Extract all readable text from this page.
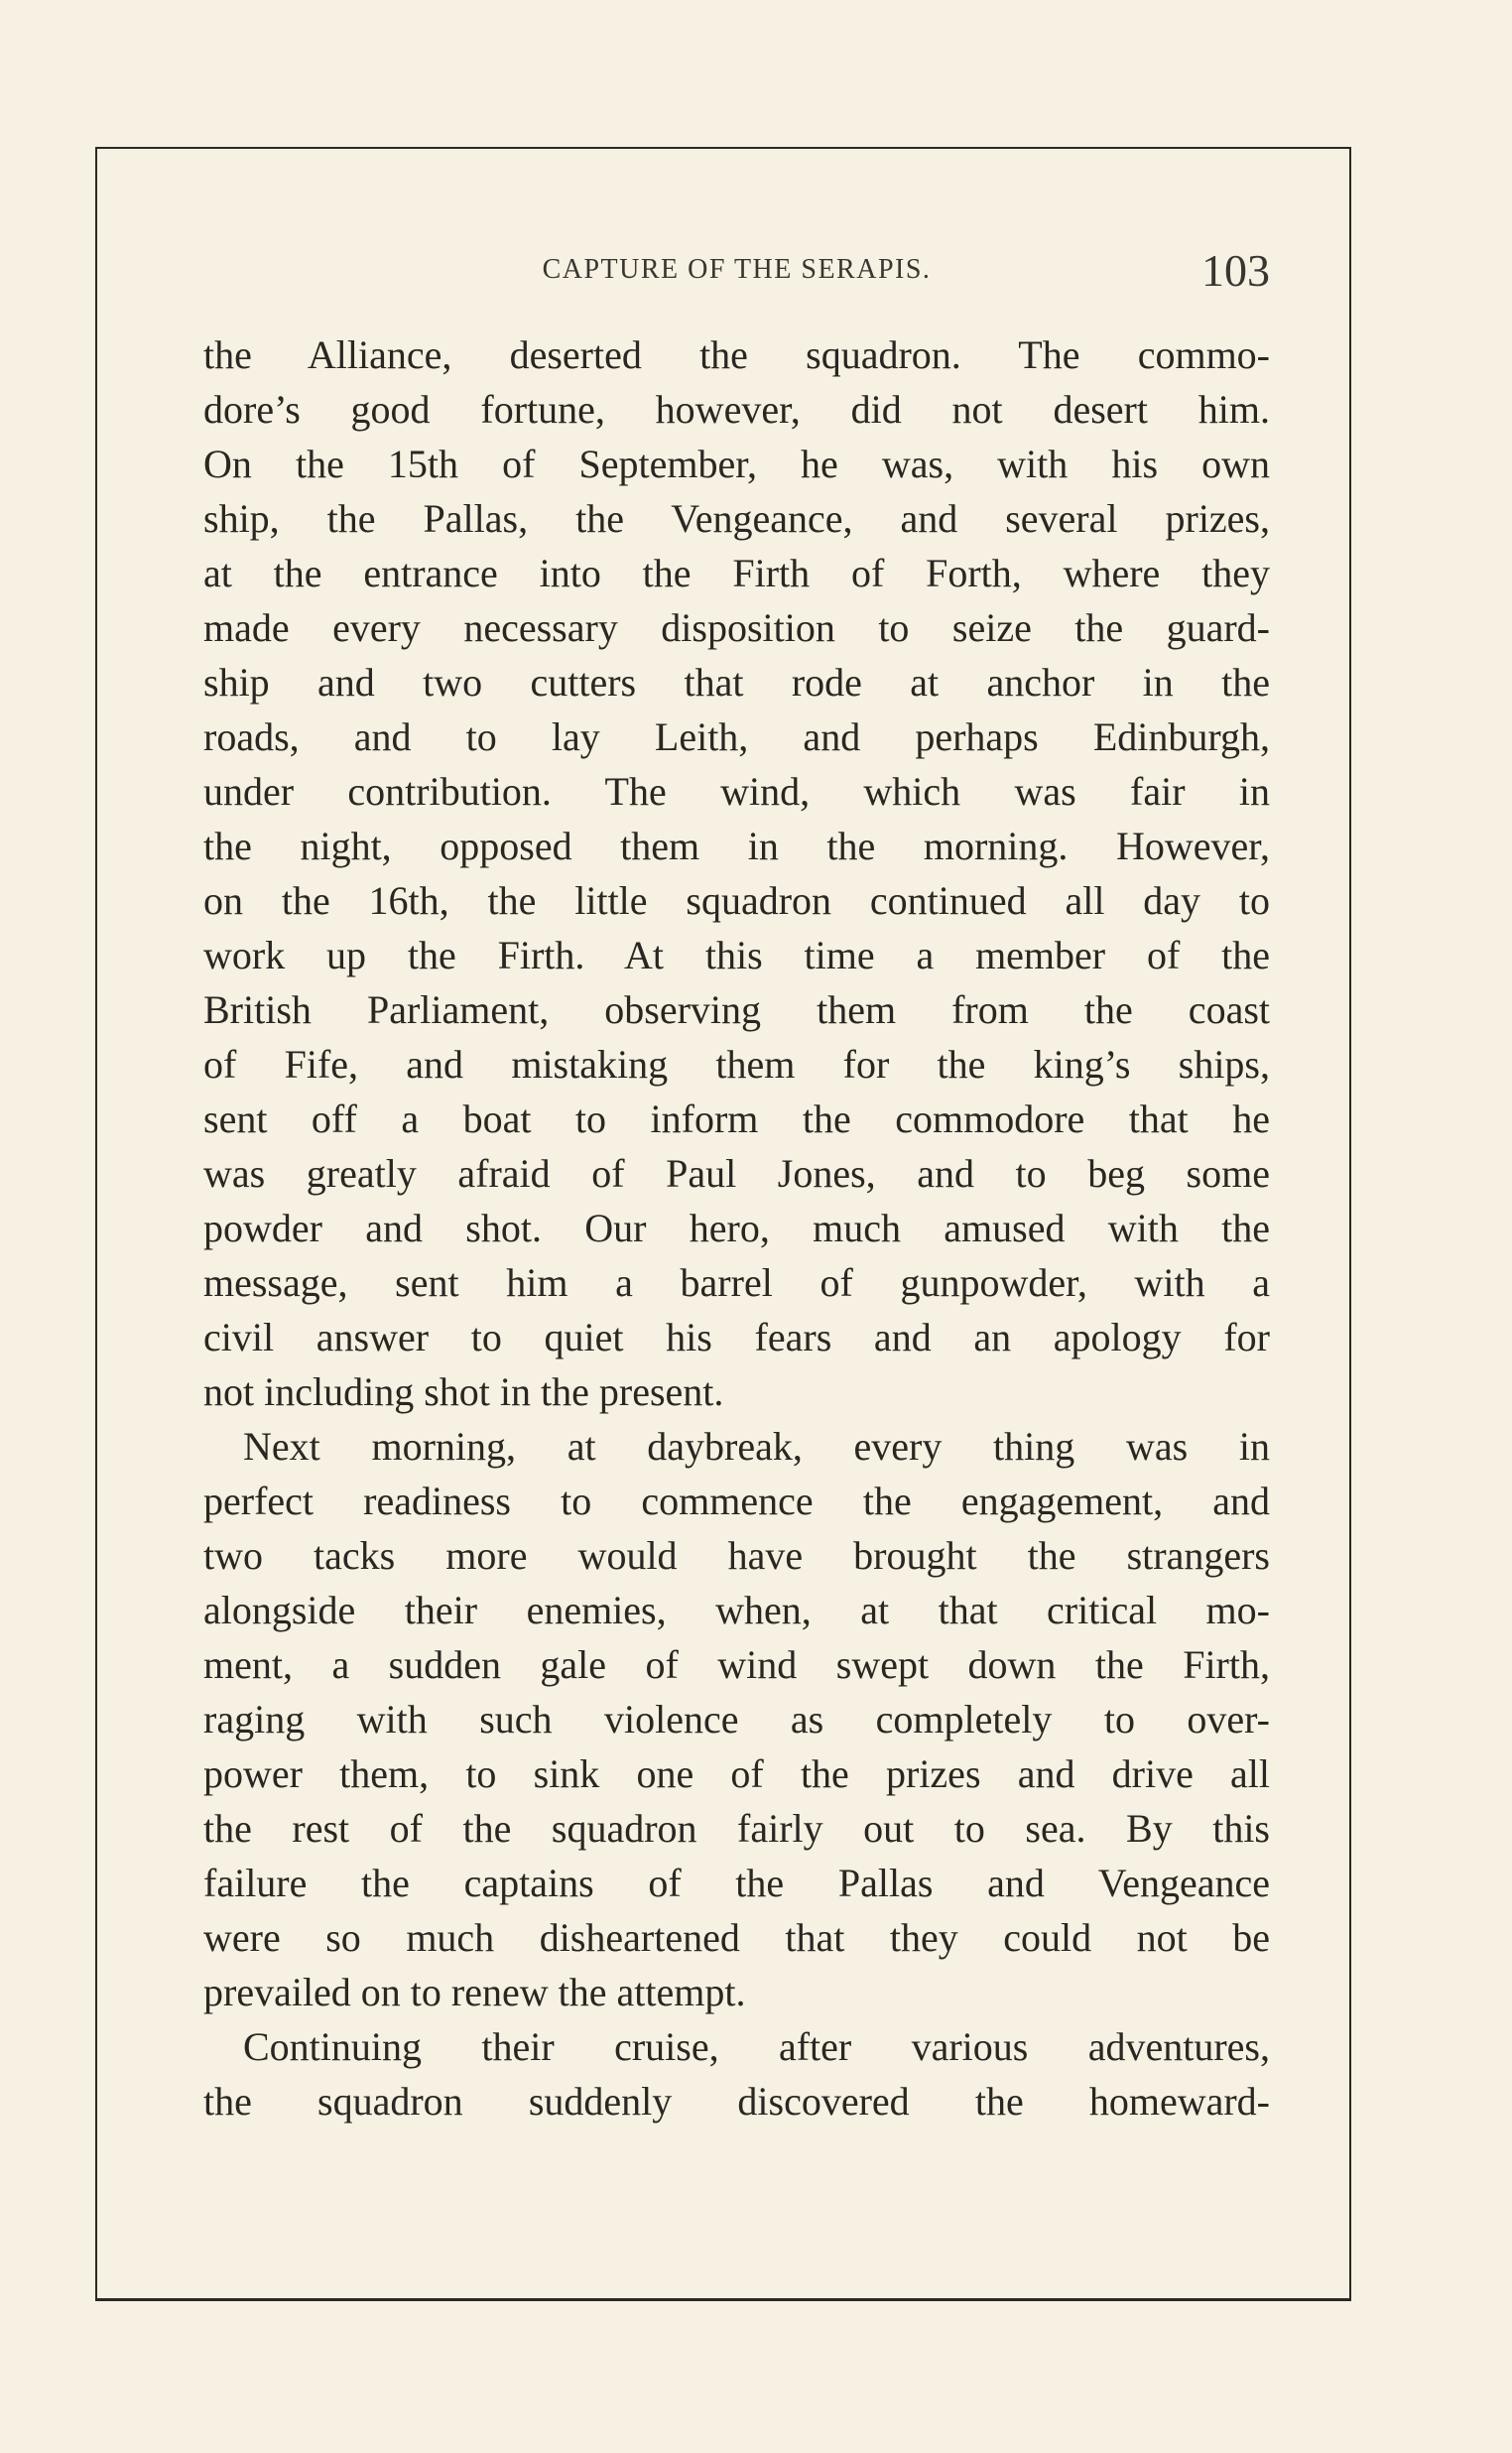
CAPTURE OF THE SERAPIS.	103
the Alliance, deserted the squadron. The commo-
dore’s good fortune, however, did not desert him.
On the 15th of September, he was, with his own
ship, the Pallas, the Vengeance, and several prizes,
at the entrance into the Firth of Forth, where they
made every necessary disposition to seize the guard-
ship and two cutters that rode at anchor in the
roads, and to lay Leith, and perhaps Edinburgh,
under contribution. The wind, which was fair in
the night, opposed them in the morning. However,
on the 16th, the little squadron continued all day to
work up the Firth. At this time a member of the
British Parliament, observing them from the coast
of Fife, and mistaking them for the king’s ships,
sent off a boat to inform the commodore that he
was greatly afraid of Paul Jones, and to beg some
powder and shot. Our hero, much amused with the
message, sent him a barrel of gunpowder, with a
civil answer to quiet his fears and an apology for
not including shot in the present.
Next morning, at daybreak, every thing was in
perfect readiness to commence the engagement, and
two tacks more would have brought the strangers
alongside their enemies, when, at that critical mo-
ment, a sudden gale of wind swept down the Firth,
raging with such violence as completely to over-
power them, to sink one of the prizes and drive all
the rest of the squadron fairly out to sea. By this
failure the captains of the Pallas and Vengeance
were so much disheartened that they could not be
prevailed on to renew the attempt.
Continuing their cruise, after various adventures,
the squadron suddenly discovered the homeward-
